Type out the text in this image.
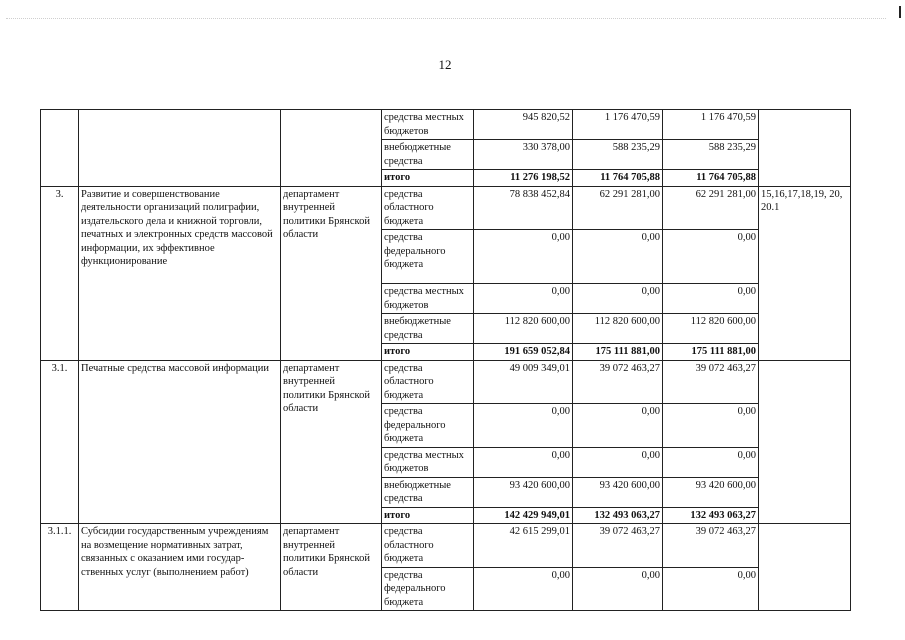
12
			средства местных бюджетов	945 820,52	1 176 470,59	1 176 470,59	
			внебюджетные средства	330 378,00	588 235,29	588 235,29	
			итого	11 276 198,52	11 764 705,88	11 764 705,88	
3.	Развитие и совершенствование деятельности организаций полиграфии, издательского дела и книжной торговли, печатных и электронных средств массовой информации, их эффективное функционирование	департамент внутренней политики Брянской области	средства областного бюджета	78 838 452,84	62 291 281,00	62 291 281,00	15,16,17,18,19, 20, 20.1
			средства федерального бюджета	0,00	0,00	0,00	
			средства местных бюджетов	0,00	0,00	0,00	
			внебюджетные средства	112 820 600,00	112 820 600,00	112 820 600,00	
			итого	191 659 052,84	175 111 881,00	175 111 881,00	
3.1.	Печатные средства массовой информации	департамент внутренней политики Брянской области	средства областного бюджета	49 009 349,01	39 072 463,27	39 072 463,27	
			средства федерального бюджета	0,00	0,00	0,00	
			средства местных бюджетов	0,00	0,00	0,00	
			внебюджетные средства	93 420 600,00	93 420 600,00	93 420 600,00	
			итого	142 429 949,01	132 493 063,27	132 493 063,27	
3.1.1.	Субсидии государственным учреждениям на возмещение нормативных затрат, связанных с оказанием ими государ- ственных услуг (выполнением работ)	департамент внутренней политики Брянской области	средства областного бюджета	42 615 299,01	39 072 463,27	39 072 463,27	
			средства федерального бюджета	0,00	0,00	0,00	
